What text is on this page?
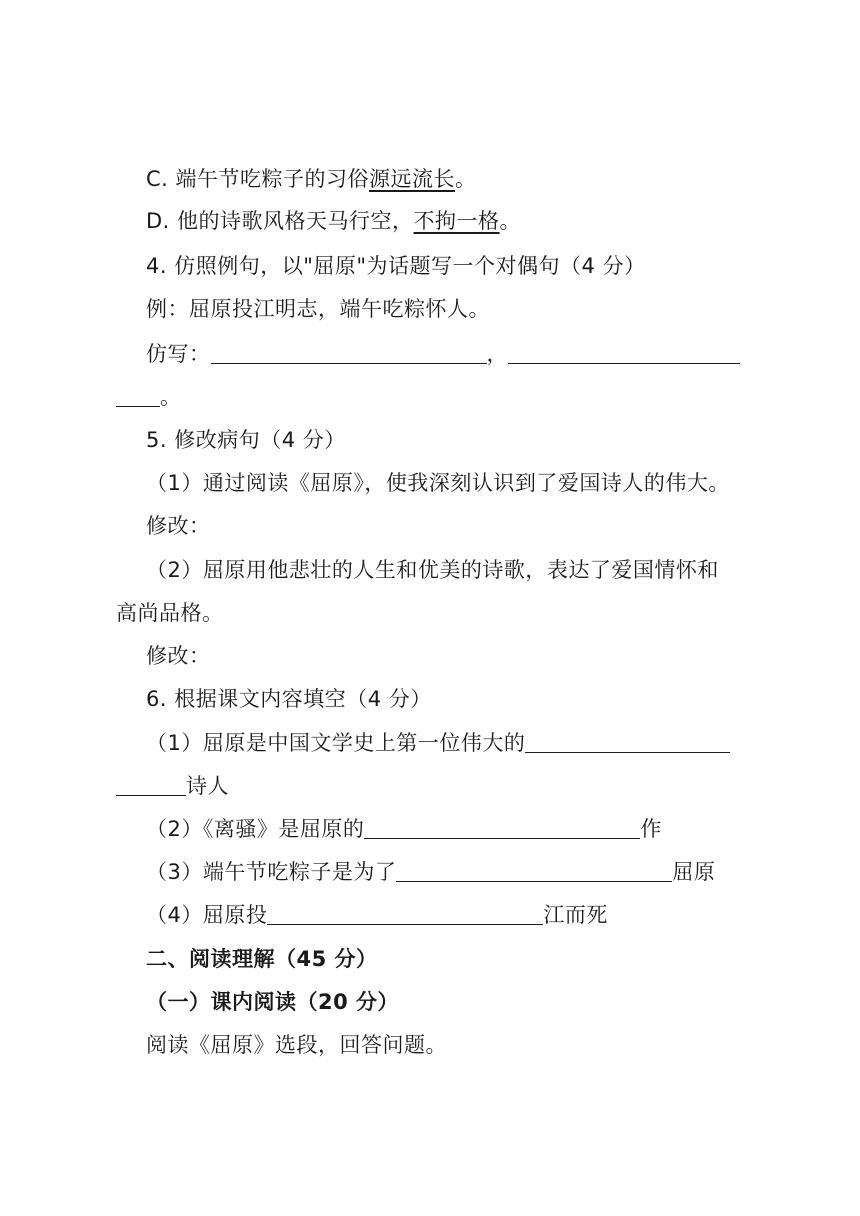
C. 端午节吃粽子的习俗源远流长。
D. 他的诗歌风格天马行空，不拘一格。
4. 仿照例句，以"屈原"为话题写一个对偶句（4 分）
例：屈原投江明志，端午吃粽怀人。
仿写：	，
。
5. 修改病句（4 分）
（1）通过阅读《屈原》，使我深刻认识到了爱国诗人的伟大。
修改：
（2）屈原用他悲壮的人生和优美的诗歌，表达了爱国情怀和
高尚品格。
修改：
6. 根据课文内容填空（4 分）
（1）屈原是中国文学史上第一位伟大的
诗人
（2）《离骚》是屈原的	作
（3）端午节吃粽子是为了	屈原
（4）屈原投	江而死
二、阅读理解（45 分）
（一）课内阅读（20 分）
阅读《屈原》选段，回答问题。
